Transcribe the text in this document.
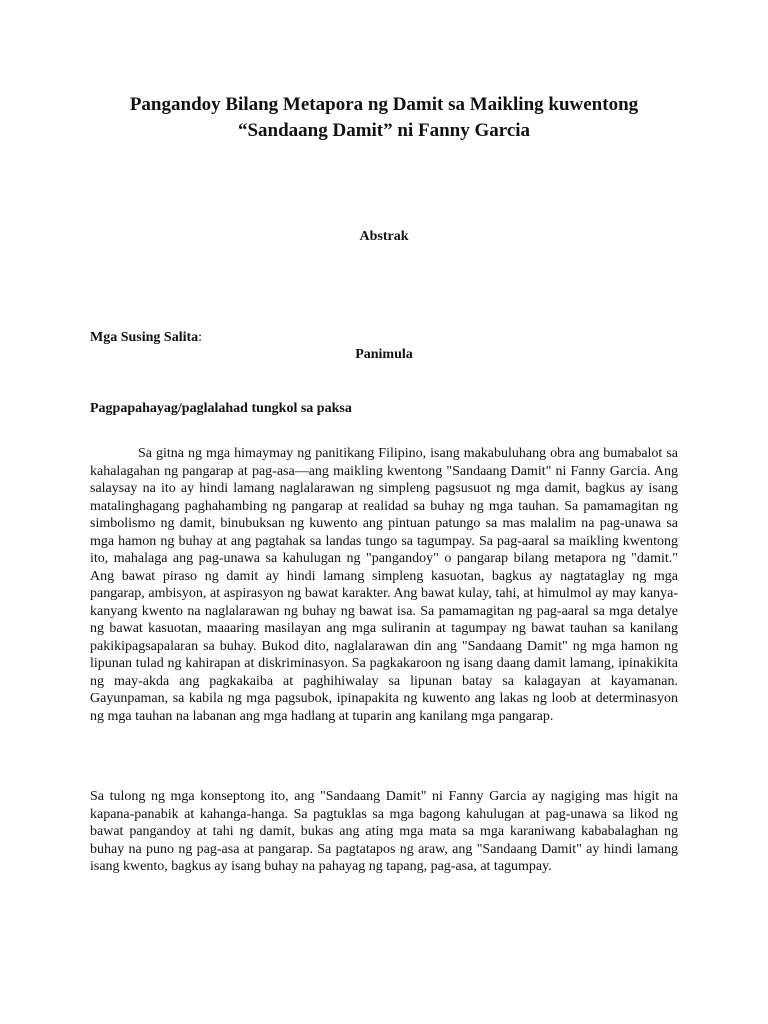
Pangandoy Bilang Metapora ng Damit sa Maikling kuwentong
“Sandaang Damit” ni Fanny Garcia
Abstrak

Mga Susing Salita:

Panimula
Pagpapahayag/paglalahad tungkol sa paksa

Sa gitna ng mga himaymay ng panitikang Filipino, isang makabuluhang obra ang bumabalot sa kahalagahan ng pangarap at pag-asa—ang maikling kwentong "Sandaang Damit" ni Fanny Garcia. Ang salaysay na ito ay hindi lamang naglalarawan ng simpleng pagsusuot ng mga damit, bagkus ay isang matalinghagang paghahambing ng pangarap at realidad sa buhay ng mga tauhan. Sa pamamagitan ng simbolismo ng damit, binubuksan ng kuwento ang pintuan patungo sa mas malalim na pag-unawa sa mga hamon ng buhay at ang pagtahak sa landas tungo sa tagumpay. Sa pag-aaral sa maikling kwentong ito, mahalaga ang pag-unawa sa kahulugan ng "pangandoy" o pangarap bilang metapora ng "damit." Ang bawat piraso ng damit ay hindi lamang simpleng kasuotan, bagkus ay nagtataglay ng mga pangarap, ambisyon, at aspirasyon ng bawat karakter. Ang bawat kulay, tahi, at himulmol ay may kanya-kanyang kwento na naglalarawan ng buhay ng bawat isa. Sa pamamagitan ng pag-aaral sa mga detalye ng bawat kasuotan, maaaring masilayan ang mga suliranin at tagumpay ng bawat tauhan sa kanilang pakikipagsapalaran sa buhay. Bukod dito, naglalarawan din ang "Sandaang Damit" ng mga hamon ng lipunan tulad ng kahirapan at diskriminasyon. Sa pagkakaroon ng isang daang damit lamang, ipinakikita ng may-akda ang pagkakaiba at paghihiwalay sa lipunan batay sa kalagayan at kayamanan. Gayunpaman, sa kabila ng mga pagsubok, ipinapakita ng kuwento ang lakas ng loob at determinasyon ng mga tauhan na labanan ang mga hadlang at tuparin ang kanilang mga pangarap.

Sa tulong ng mga konseptong ito, ang "Sandaang Damit" ni Fanny Garcia ay nagiging mas higit na kapana-panabik at kahanga-hanga. Sa pagtuklas sa mga bagong kahulugan at pag-unawa sa likod ng bawat pangandoy at tahi ng damit, bukas ang ating mga mata sa mga karaniwang kababalaghan ng buhay na puno ng pag-asa at pangarap. Sa pagtatapos ng araw, ang "Sandaang Damit" ay hindi lamang isang kwento, bagkus ay isang buhay na pahayag ng tapang, pag-asa, at tagumpay.
